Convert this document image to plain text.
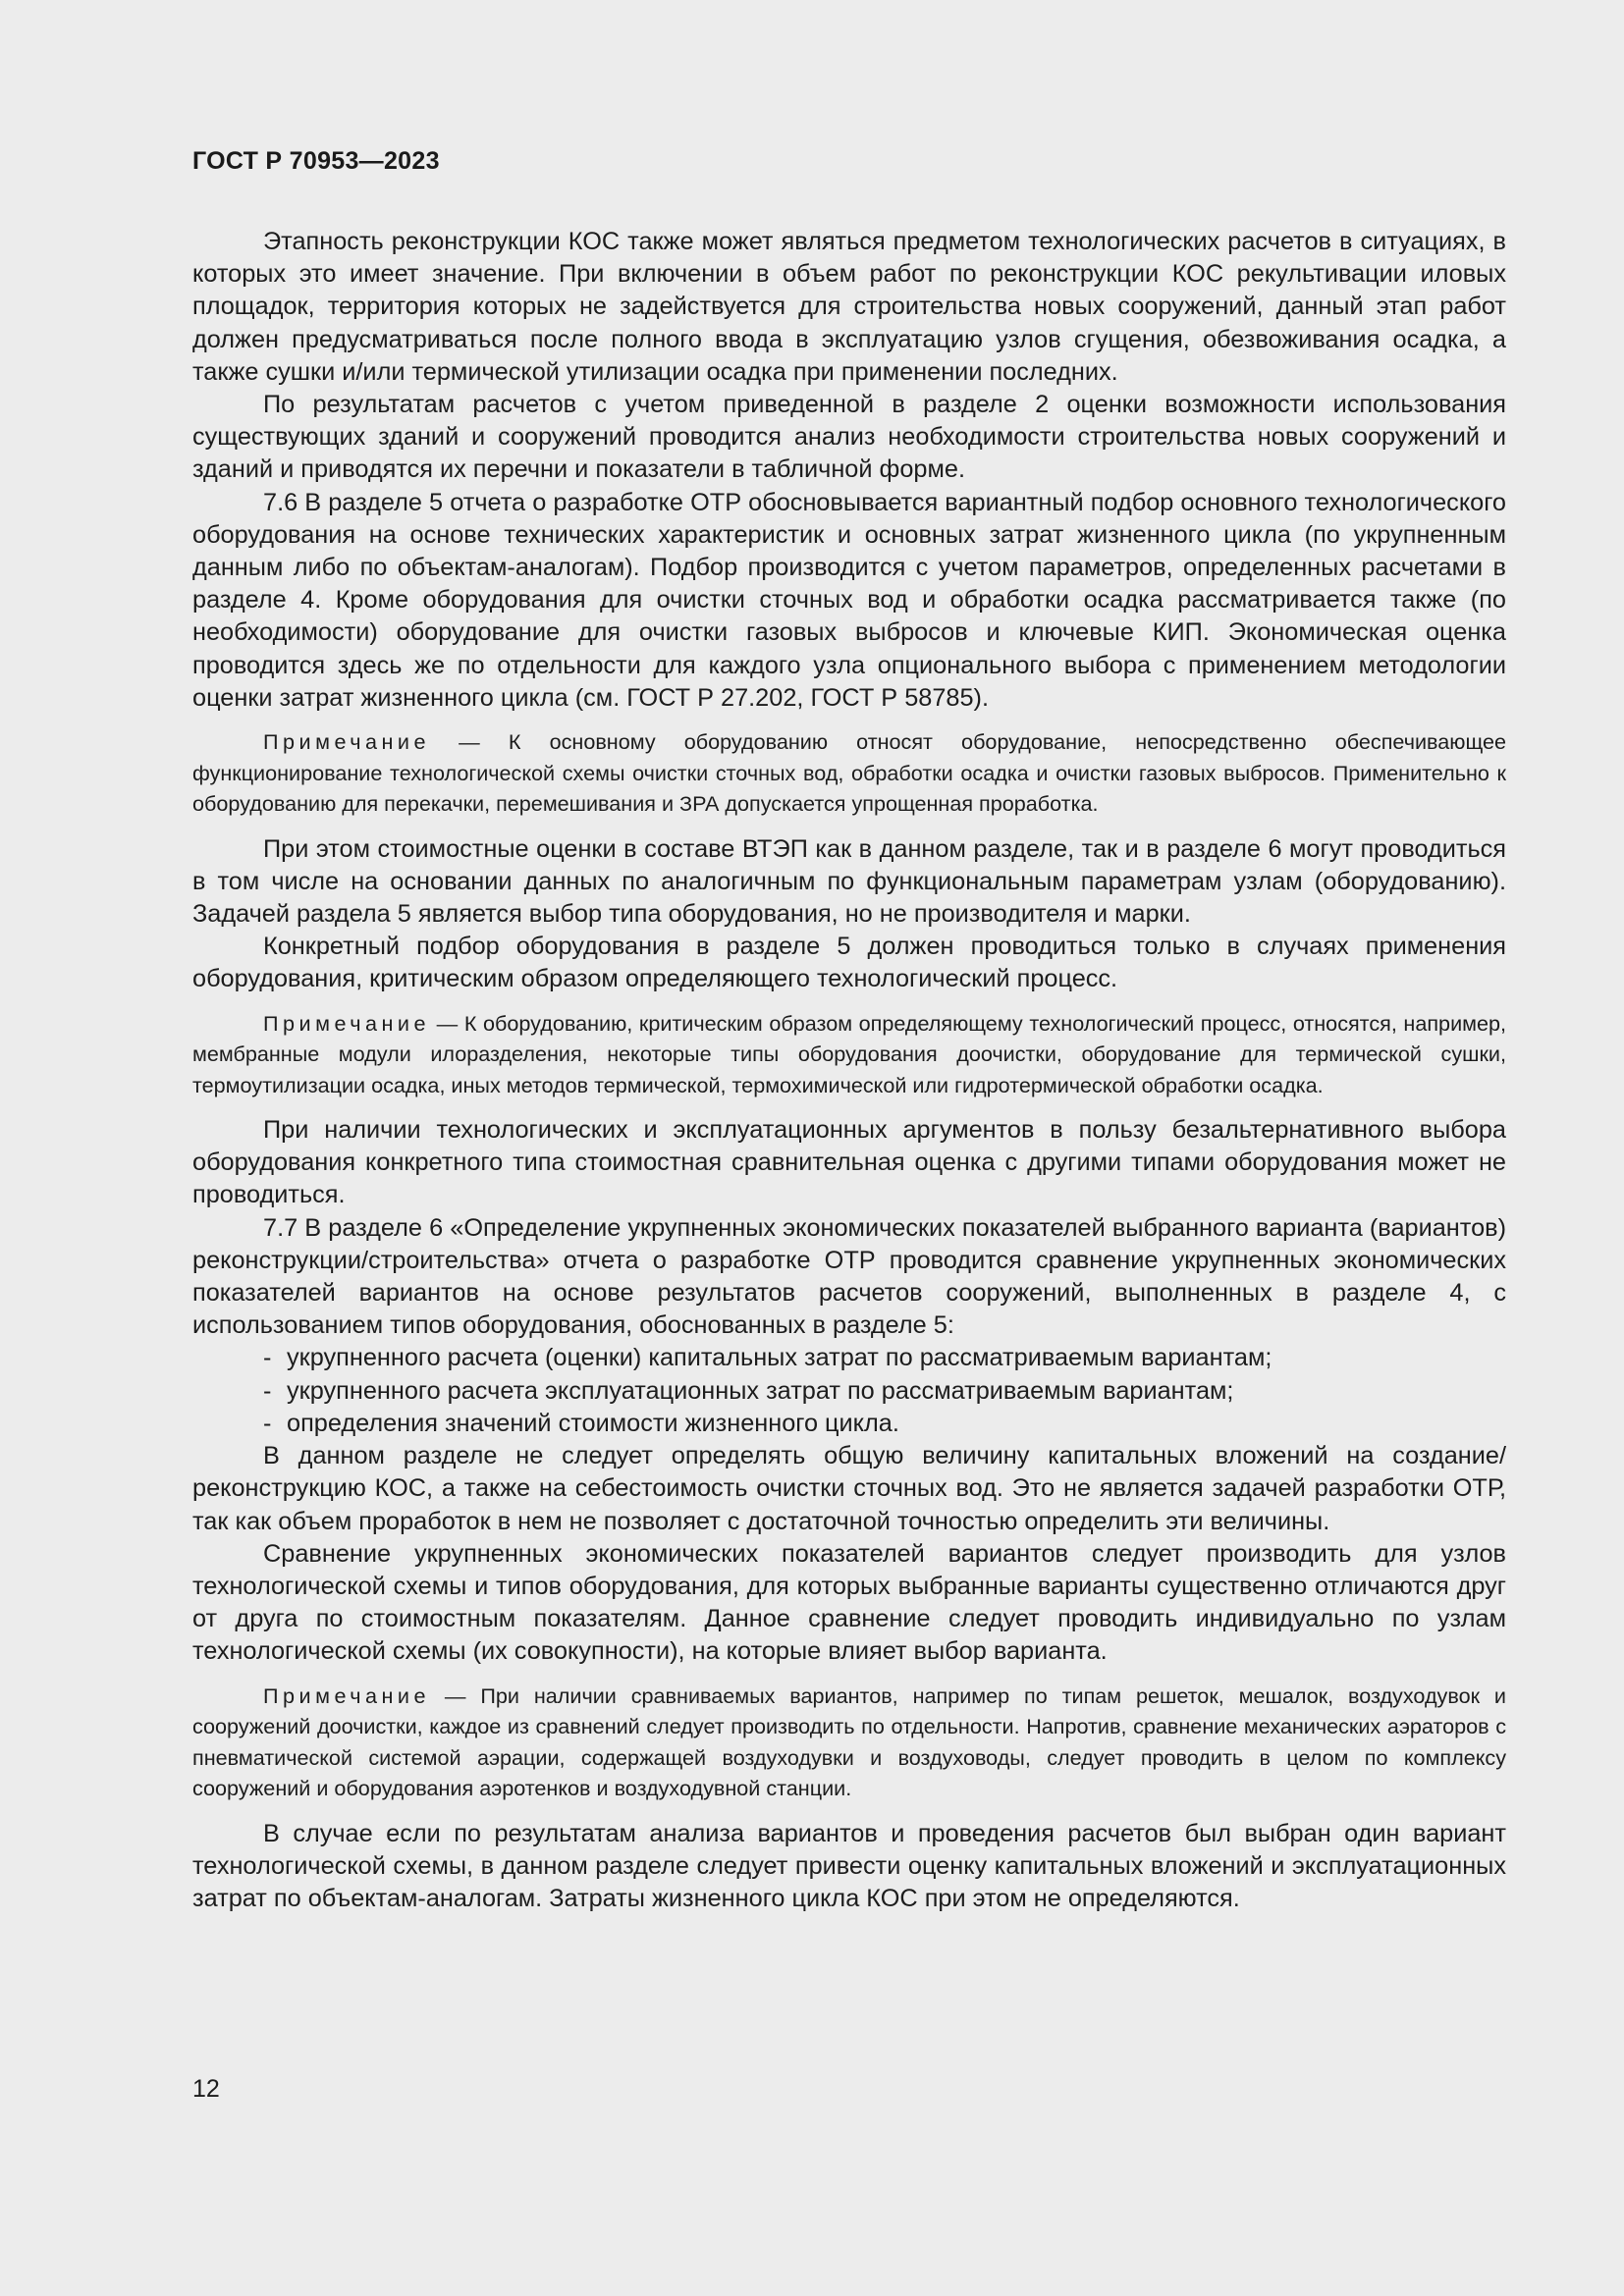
ГОСТ Р 70953—2023

Этапность реконструкции КОС также может являться предметом технологических расчетов в ситуациях, в которых это имеет значение. При включении в объем работ по реконструкции КОС рекультивации иловых площадок, территория которых не задействуется для строительства новых сооружений, данный этап работ должен предусматриваться после полного ввода в эксплуатацию узлов сгущения, обезвоживания осадка, а также сушки и/или термической утилизации осадка при применении последних.

По результатам расчетов с учетом приведенной в разделе 2 оценки возможности использования существующих зданий и сооружений проводится анализ необходимости строительства новых сооружений и зданий и приводятся их перечни и показатели в табличной форме.

7.6 В разделе 5 отчета о разработке ОТР обосновывается вариантный подбор основного технологического оборудования на основе технических характеристик и основных затрат жизненного цикла (по укрупненным данным либо по объектам-аналогам). Подбор производится с учетом параметров, определенных расчетами в разделе 4. Кроме оборудования для очистки сточных вод и обработки осадка рассматривается также (по необходимости) оборудование для очистки газовых выбросов и ключевые КИП. Экономическая оценка проводится здесь же по отдельности для каждого узла опционального выбора с применением методологии оценки затрат жизненного цикла (см. ГОСТ Р 27.202, ГОСТ Р 58785).

Примечание — К основному оборудованию относят оборудование, непосредственно обеспечивающее функционирование технологической схемы очистки сточных вод, обработки осадка и очистки газовых выбросов. Применительно к оборудованию для перекачки, перемешивания и ЗРА допускается упрощенная проработка.

При этом стоимостные оценки в составе ВТЭП как в данном разделе, так и в разделе 6 могут проводиться в том числе на основании данных по аналогичным по функциональным параметрам узлам (оборудованию). Задачей раздела 5 является выбор типа оборудования, но не производителя и марки.

Конкретный подбор оборудования в разделе 5 должен проводиться только в случаях применения оборудования, критическим образом определяющего технологический процесс.

Примечание — К оборудованию, критическим образом определяющему технологический процесс, относятся, например, мембранные модули илоразделения, некоторые типы оборудования доочистки, оборудование для термической сушки, термоутилизации осадка, иных методов термической, термохимической или гидротермической обработки осадка.

При наличии технологических и эксплуатационных аргументов в пользу безальтернативного выбора оборудования конкретного типа стоимостная сравнительная оценка с другими типами оборудования может не проводиться.

7.7 В разделе 6 «Определение укрупненных экономических показателей выбранного варианта (вариантов) реконструкции/строительства» отчета о разработке ОТР проводится сравнение укрупненных экономических показателей вариантов на основе результатов расчетов сооружений, выполненных в разделе 4, с использованием типов оборудования, обоснованных в разделе 5:

- укрупненного расчета (оценки) капитальных затрат по рассматриваемым вариантам;
- укрупненного расчета эксплуатационных затрат по рассматриваемым вариантам;
- определения значений стоимости жизненного цикла.

В данном разделе не следует определять общую величину капитальных вложений на создание/реконструкцию КОС, а также на себестоимость очистки сточных вод. Это не является задачей разработки ОТР, так как объем проработок в нем не позволяет с достаточной точностью определить эти величины.

Сравнение укрупненных экономических показателей вариантов следует производить для узлов технологической схемы и типов оборудования, для которых выбранные варианты существенно отличаются друг от друга по стоимостным показателям. Данное сравнение следует проводить индивидуально по узлам технологической схемы (их совокупности), на которые влияет выбор варианта.

Примечание — При наличии сравниваемых вариантов, например по типам решеток, мешалок, воздуходувок и сооружений доочистки, каждое из сравнений следует производить по отдельности. Напротив, сравнение механических аэраторов с пневматической системой аэрации, содержащей воздуходувки и воздуховоды, следует проводить в целом по комплексу сооружений и оборудования аэротенков и воздуходувной станции.

В случае если по результатам анализа вариантов и проведения расчетов был выбран один вариант технологической схемы, в данном разделе следует привести оценку капитальных вложений и эксплуатационных затрат по объектам-аналогам. Затраты жизненного цикла КОС при этом не определяются.

12
